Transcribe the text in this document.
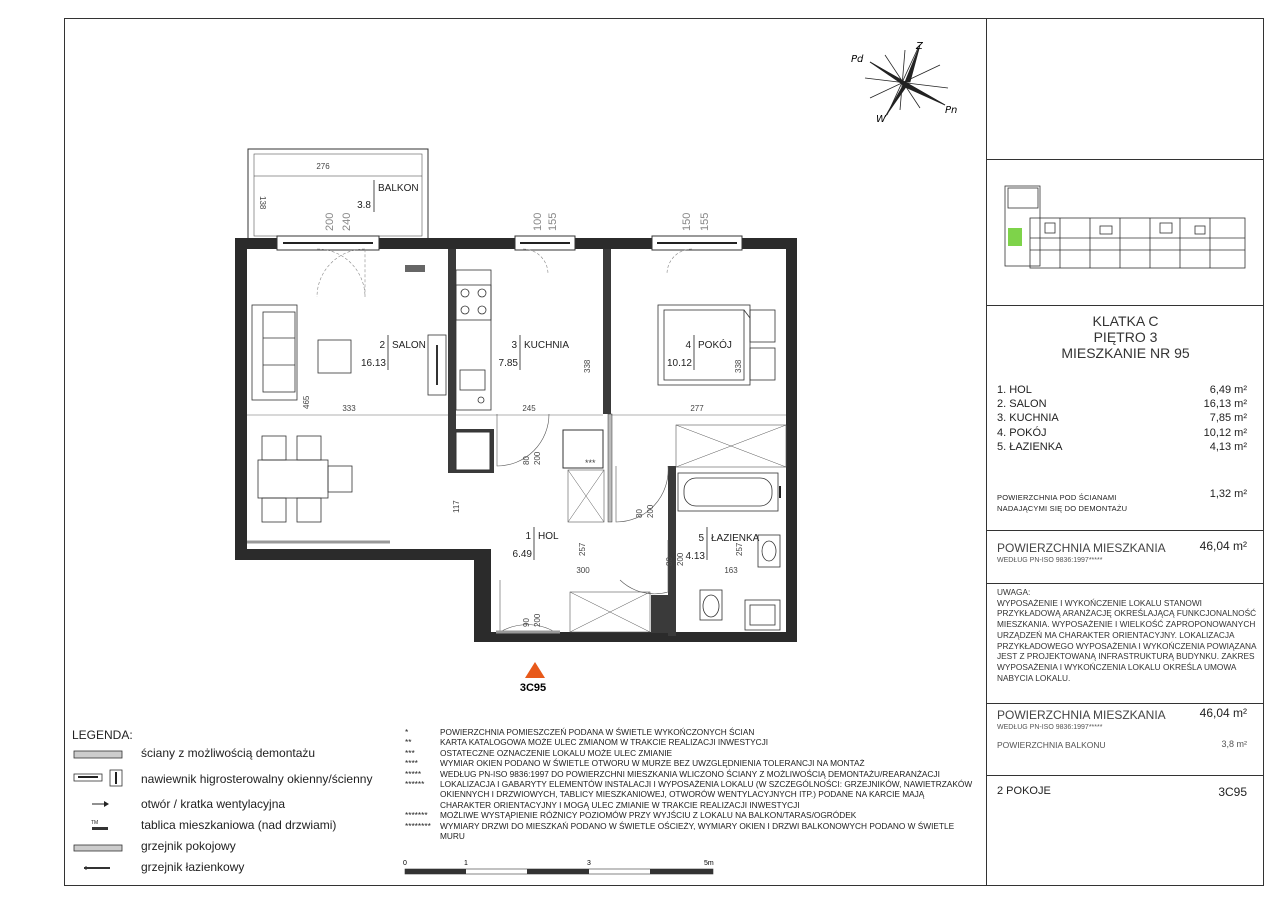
Z
Pd
W
Pn
276
138
200 240	100 155	150 155
333
465	245
338
277
338
300
257
163
257
117
80 200
80 200
80 200
90 200
***
2 SALON
16.13
3 KUCHNIA
7.85
4 POKÓJ
10.12
1 HOL
6.49
5 ŁAZIENKA
4.13
BALKON
3.8
3C95
0	1	3	5m
KLATKA C
PIĘTRO 3
MIESZKANIE NR 95
1. HOL	6,49 m²
2. SALON	16,13 m²
3. KUCHNIA	7,85 m²
4. POKÓJ	10,12 m²
5. ŁAZIENKA	4,13 m²
POWIERZCHNIA POD ŚCIANAMI
NADAJĄCYMI SIĘ DO DEMONTAŻU
1,32 m²
POWIERZCHNIA MIESZKANIA
WEDŁUG PN-ISO 9836:1997*****
46,04 m²
UWAGA:
WYPOSAŻENIE I WYKOŃCZENIE LOKALU STANOWI
PRZYKŁADOWĄ ARANŻACJĘ OKREŚLAJĄCĄ FUNKCJONALNOŚĆ
MIESZKANIA. WYPOSAŻENIE I WIELKOŚĆ ZAPROPONOWANYCH
URZĄDZEŃ MA CHARAKTER ORIENTACYJNY. LOKALIZACJA
PRZYKŁADOWEGO WYPOSAŻENIA I WYKOŃCZENIA POWIĄZANA
JEST Z PROJEKTOWANĄ INFRASTRUKTURĄ BUDYNKU. ZAKRES
WYPOSAŻENIA I WYKOŃCZENIA LOKALU OKREŚLA UMOWA
NABYCIA LOKALU.
POWIERZCHNIA MIESZKANIA
WEDŁUG PN-ISO 9836:1997*****
46,04 m²
POWIERZCHNIA BALKONU	3,8 m²
2 POKOJE	3C95
LEGENDA:
TM
ściany z możliwością demontażu
nawiewnik higrosterowalny okienny/ścienny
otwór / kratka wentylacyjna
tablica mieszkaniowa (nad drzwiami)
grzejnik pokojowy
grzejnik łazienkowy
*	POWIERZCHNIA POMIESZCZEŃ PODANA W ŚWIETLE WYKOŃCZONYCH ŚCIAN
**	KARTA KATALOGOWA MOŻE ULEC ZMIANOM W TRAKCIE REALIZACJI INWESTYCJI
***	OSTATECZNE OZNACZENIE LOKALU MOŻE ULEC ZMIANIE
****	WYMIAR OKIEN PODANO W ŚWIETLE OTWORU W MURZE BEZ UWZGLĘDNIENIA TOLERANCJI NA MONTAŻ
***** WEDŁUG PN-ISO 9836:1997 DO POWIERZCHNI MIESZKANIA WLICZONO ŚCIANY Z MOŻLIWOŚCIĄ DEMONTAŻU/REARANŻACJI
****** LOKALIZACJA I GABARYTY ELEMENTÓW INSTALACJI I WYPOSAŻENIA LOKALU (W SZCZEGÓLNOŚCI: GRZEJNIKÓW, NAWIETRZAKÓW OKIENNYCH I DRZWIOWYCH, TABLICY MIESZKANIOWEJ, OTWORÓW WENTYLACYJNYCH ITP.) PODANE NA KARCIE MAJĄ CHARAKTER ORIENTACYJNY I MOGĄ ULEC ZMIANIE W TRAKCIE REALIZACJI INWESTYCJI
******* MOŻLIWE WYSTĄPIENIE RÓŻNICY POZIOMÓW PRZY WYJŚCIU Z LOKALU NA BALKON/TARAS/OGRÓDEK
******** WYMIARY DRZWI DO MIESZKAŃ PODANO W ŚWIETLE OŚCIEŻY, WYMIARY OKIEN I DRZWI BALKONOWYCH PODANO W ŚWIETLE MURU
